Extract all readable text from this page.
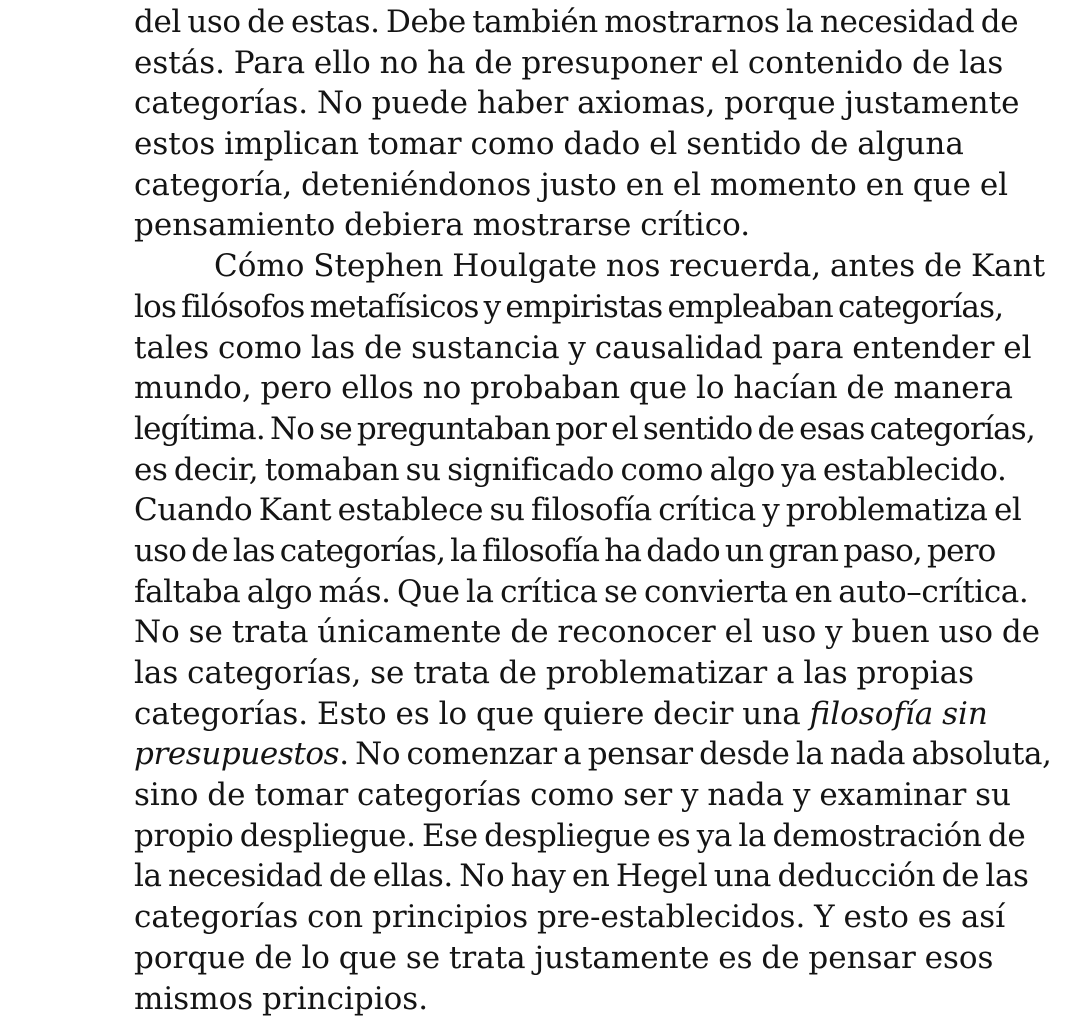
del uso de estas. Debe también mostrarnos la necesidad de
estás. Para ello no ha de presuponer el contenido de las
categorías. No puede haber axiomas, porque justamente
estos implican tomar como dado el sentido de alguna
categoría, deteniéndonos justo en el momento en que el
pensamiento debiera mostrarse crítico.
Cómo Stephen Houlgate nos recuerda, antes de Kant
los filósofos metafísicos y empiristas empleaban categorías,
tales como las de sustancia y causalidad para entender el
mundo, pero ellos no probaban que lo hacían de manera
legítima. No se preguntaban por el sentido de esas categorías,
es decir, tomaban su significado como algo ya establecido.
Cuando Kant establece su filosofía crítica y problematiza el
uso de las categorías, la filosofía ha dado un gran paso, pero
faltaba algo más. Que la crítica se convierta en auto–crítica.
No se trata únicamente de reconocer el uso y buen uso de
las categorías, se trata de problematizar a las propias
categorías. Esto es lo que quiere decir una filosofía sin
presupuestos. No comenzar a pensar desde la nada absoluta,
sino de tomar categorías como ser y nada y examinar su
propio despliegue. Ese despliegue es ya la demostración de
la necesidad de ellas. No hay en Hegel una deducción de las
categorías con principios pre-establecidos. Y esto es así
porque de lo que se trata justamente es de pensar esos
mismos principios.
